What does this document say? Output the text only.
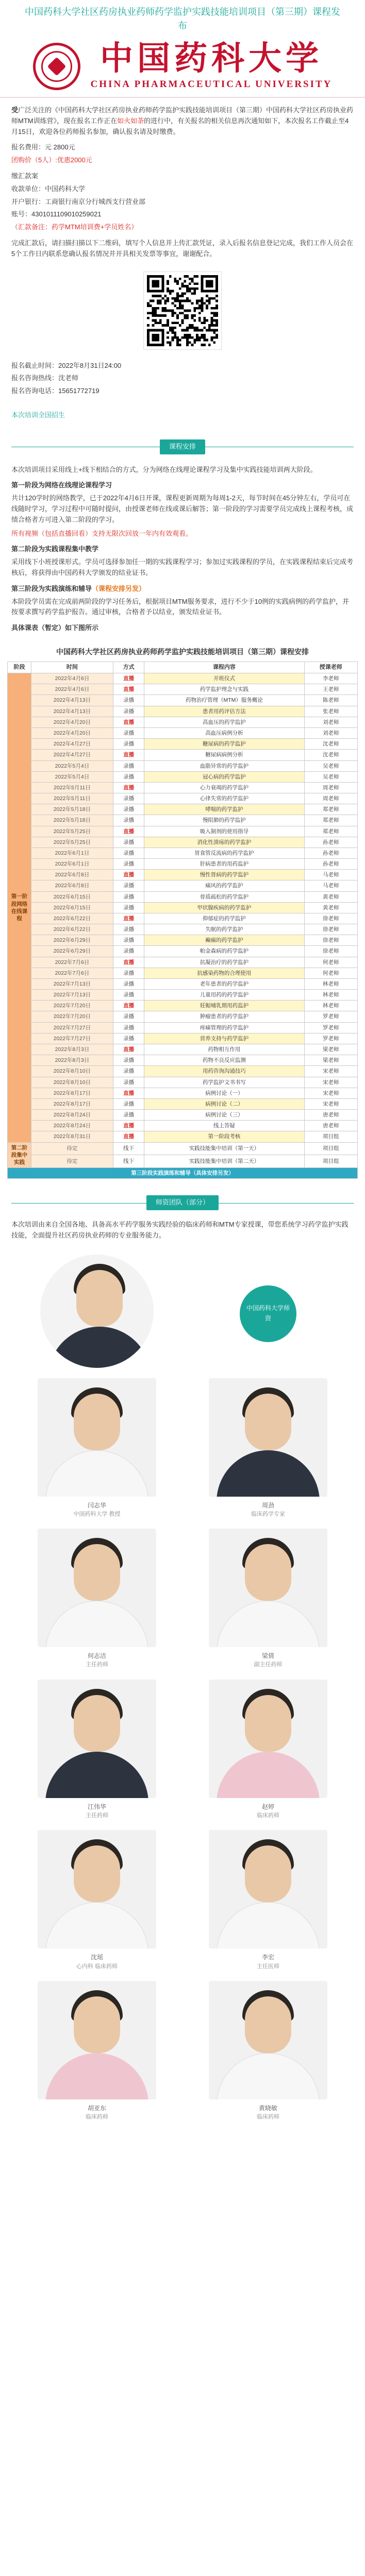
中国药科大学社区药房执业药师药学监护实践技能培训项目（第三期）课程发布
中国药科大学
CHINA PHARMACEUTICAL UNIVERSITY

受广泛关注的《中国药科大学社区药房执业药师药学监护实践技能培训项目（第三期）中国药科大学社区药房执业药师MTM训练营》，现在报名工作正在如火如荼的进行中，有关报名的相关信息再次通知如下，本次报名工作截止至4月15日，欢迎各位药师报名参加，确认报名请及时缴费。

报名费用：元 2800元
团购价（5人）:优惠2000元
缴汇款案
收款单位：中国药科大学
开户银行：工商银行南京分行城西支行营业部
账号：4301011109010259021
（汇款备注：药学MTM培训费+学员姓名）

完成汇款后，请扫描扫描以下二维码，填写个人信息并上传汇款凭证，录入后报名信息登记完成，我们工作人员会在5个工作日内联系您确认报名情况并开具相关发票等事宜，谢谢配合。

报名截止时间：2022年8月31日24:00
报名咨询热线：沈老师
报名咨询电话：15651772719
本次培训全国招生
课程安排

本次培训项目采用线上+线下相结合的方式，分为网络在线理论课程学习及集中实践技能培训两大阶段。

第一阶段为网络在线理论课程学习

共计120学时的网络教学，已于2022年4月6日开课，课程更新周期为每周1-2天，每节时间在45分钟左右，学员可在线随时学习，学习过程中可随时提问，由授课老师在线或课后解答；第一阶段的学习需要学员完成线上课程考核，成绩合格者方可进入第二阶段的学习。

所有视频（包括直播回看）支持无限次回放一年内有效观看。

第二阶段为实践课程集中教学

采用线下小班授课形式。学员可选择参加任一期的实践课程学习；参加过实践课程的学员，在实践课程结束后完成考核后，将获得由中国药科大学颁发的结业证书。

第三阶段为实践演练和辅导（课程安排另发）

本阶段学员需在完成前两阶段的学习任务后，根据项目MTM服务要求，进行不少于10例的实践病例的药学监护，并按要求撰写药学监护报告。通过审核，合格者予以结业，颁发结业证书。

具体课表（暂定）如下图所示
中国药科大学社区药房执业药师药学监护实践技能培训项目（第三期）课程安排
阶段	时间	方式	课程内容	授课老师
第一阶段网络在线课程	2022年4月6日	直播	开班仪式	李老师
	2022年4月6日	直播	药学监护理念与实践	王老师
	2022年4月13日	录播	药物治疗管理（MTM）服务概论	陈老师
	2022年4月13日	录播	患者用药评估方法	张老师
	2022年4月20日	直播	高血压的药学监护	刘老师
	2022年4月20日	录播	高血压病例分析	刘老师
	2022年4月27日	录播	糖尿病的药学监护	沈老师
	2022年4月27日	直播	糖尿病病例分析	沈老师
	2022年5月4日	录播	血脂异常的药学监护	吴老师
	2022年5月4日	录播	冠心病的药学监护	吴老师
	2022年5月11日	直播	心力衰竭的药学监护	周老师
	2022年5月11日	录播	心律失常的药学监护	周老师
	2022年5月18日	录播	哮喘的药学监护	郑老师
	2022年5月18日	录播	慢阻肺的药学监护	郑老师
	2022年5月25日	直播	吸入制剂的使用指导	郑老师
	2022年5月25日	录播	消化性溃疡的药学监护	孙老师
	2022年6月1日	录播	胃食管反流病的药学监护	孙老师
	2022年6月1日	录播	肝病患者的用药监护	孙老师
	2022年6月8日	直播	慢性肾病的药学监护	马老师
	2022年6月8日	录播	痛风的药学监护	马老师
	2022年6月15日	录播	骨质疏松的药学监护	黄老师
	2022年6月15日	录播	甲状腺疾病的药学监护	黄老师
	2022年6月22日	直播	抑郁症的药学监护	徐老师
	2022年6月22日	录播	失眠的药学监护	徐老师
	2022年6月29日	录播	癫痫的药学监护	徐老师
	2022年6月29日	录播	帕金森病的药学监护	徐老师
	2022年7月6日	直播	抗凝治疗的药学监护	何老师
	2022年7月6日	录播	抗感染药物的合理使用	何老师
	2022年7月13日	录播	老年患者的药学监护	林老师
	2022年7月13日	录播	儿童用药的药学监护	林老师
	2022年7月20日	直播	妊娠哺乳期用药监护	林老师
	2022年7月20日	录播	肿瘤患者的药学监护	罗老师
	2022年7月27日	录播	疼痛管理的药学监护	罗老师
	2022年7月27日	录播	营养支持与药学监护	罗老师
	2022年8月3日	直播	药物相互作用	梁老师
	2022年8月3日	录播	药物不良反应监测	梁老师
	2022年8月10日	录播	用药咨询沟通技巧	宋老师
	2022年8月10日	录播	药学监护文书书写	宋老师
	2022年8月17日	直播	病例讨论（一）	宋老师
	2022年8月17日	录播	病例讨论（二）	宋老师
	2022年8月24日	录播	病例讨论（三）	唐老师
	2022年8月24日	直播	线上答疑	唐老师
	2022年8月31日	直播	第一阶段考核	项目组
第二阶段集中实践	待定	线下	实践技能集中培训（第一天）	项目组
	待定	线下	实践技能集中培训（第二天）	项目组
第三阶段实践演练和辅导（具体安排另发）				
师资团队（部分）

本次培训由来自全国各地、具备高水平药学服务实践经验的临床药师和MTM专家授课，带您系统学习药学监护实践技能，全面提升社区药房执业药师的专业服务能力。

中国药科大学师资
闫志华
中国药科大学 教授
周劲
临床药学专家
何志洁
主任药师
梁倩
副主任药师
江伟华
主任药师
赵婷
临床药师
沈瑶
心内科 临床药师
李宏
主任医师
胡亚东
临床药师
黄晓敏
临床药师
